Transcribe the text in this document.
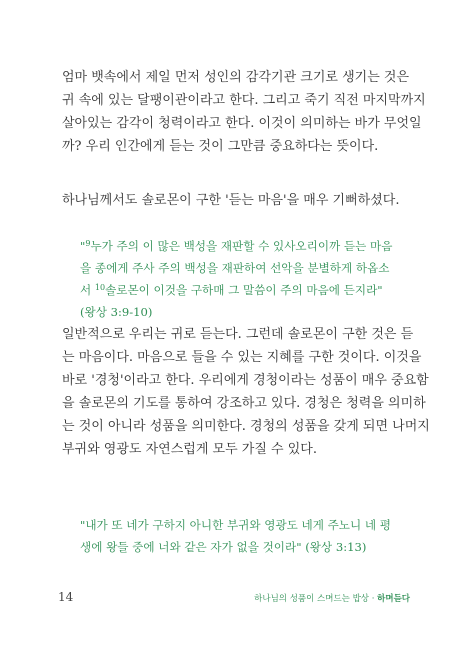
엄마 뱃속에서 제일 먼저 성인의 감각기관 크기로 생기는 것은
귀 속에 있는 달팽이관이라고 한다. 그리고 죽기 직전 마지막까지
살아있는 감각이 청력이라고 한다. 이것이 의미하는 바가 무엇일
까? 우리 인간에게 듣는 것이 그만큼 중요하다는 뜻이다.

하나님께서도 솔로몬이 구한 '듣는 마음'을 매우 기뻐하셨다.

"$^9$누가 주의 이 많은 백성을 재판할 수 있사오리이까 듣는 마음
을 종에게 주사 주의 백성을 재판하여 선악을 분별하게 하옵소
서 $^{10}$솔로몬이 이것을 구하매 그 말씀이 주의 마음에 든지라"
(왕상 3:9-10)

일반적으로 우리는 귀로 듣는다. 그런데 솔로몬이 구한 것은 듣
는 마음이다. 마음으로 들을 수 있는 지혜를 구한 것이다. 이것을
바로 '경청'이라고 한다. 우리에게 경청이라는 성품이 매우 중요함
을 솔로몬의 기도를 통하여 강조하고 있다. 경청은 청력을 의미하
는 것이 아니라 성품을 의미한다. 경청의 성품을 갖게 되면 나머지
부귀와 영광도 자연스럽게 모두 가질 수 있다.

"내가 또 네가 구하지 아니한 부귀와 영광도 네게 주노니 네 평
생에 왕들 중에 너와 같은 자가 없을 것이라" (왕상 3:13)

14	하나님의 성품이 스며드는 밥상 · 하며듣다
